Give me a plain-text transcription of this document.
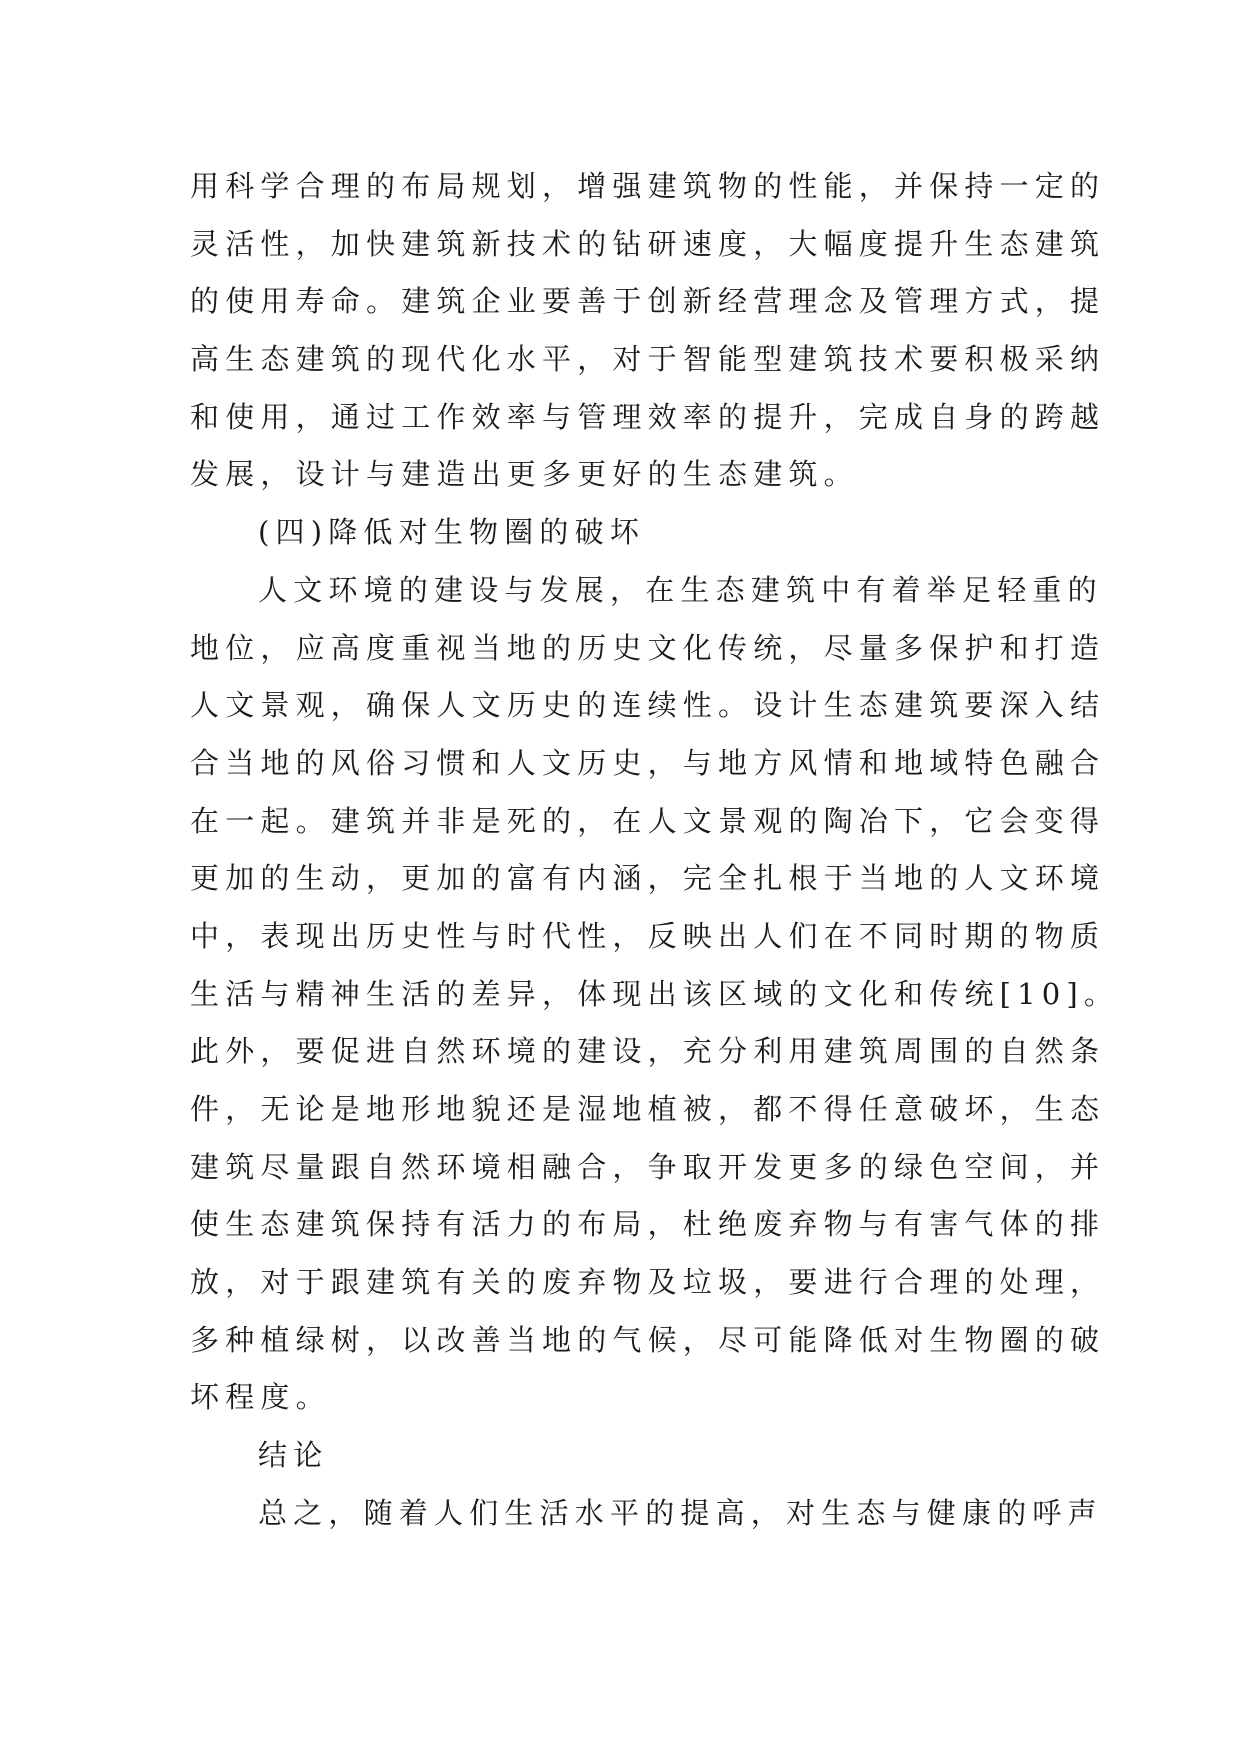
用科学合理的布局规划，增强建筑物的性能，并保持一定的
灵活性，加快建筑新技术的钻研速度，大幅度提升生态建筑
的使用寿命。建筑企业要善于创新经营理念及管理方式，提
高生态建筑的现代化水平，对于智能型建筑技术要积极采纳
和使用，通过工作效率与管理效率的提升，完成自身的跨越
发展，设计与建造出更多更好的生态建筑。
(四)降低对生物圈的破坏
人文环境的建设与发展，在生态建筑中有着举足轻重的
地位，应高度重视当地的历史文化传统，尽量多保护和打造
人文景观，确保人文历史的连续性。设计生态建筑要深入结
合当地的风俗习惯和人文历史，与地方风情和地域特色融合
在一起。建筑并非是死的，在人文景观的陶冶下，它会变得
更加的生动，更加的富有内涵，完全扎根于当地的人文环境
中，表现出历史性与时代性，反映出人们在不同时期的物质
生活与精神生活的差异，体现出该区域的文化和传统[10]。
此外，要促进自然环境的建设，充分利用建筑周围的自然条
件，无论是地形地貌还是湿地植被，都不得任意破坏，生态
建筑尽量跟自然环境相融合，争取开发更多的绿色空间，并
使生态建筑保持有活力的布局，杜绝废弃物与有害气体的排
放，对于跟建筑有关的废弃物及垃圾，要进行合理的处理，
多种植绿树，以改善当地的气候，尽可能降低对生物圈的破
坏程度。
结论
总之，随着人们生活水平的提高，对生态与健康的呼声
